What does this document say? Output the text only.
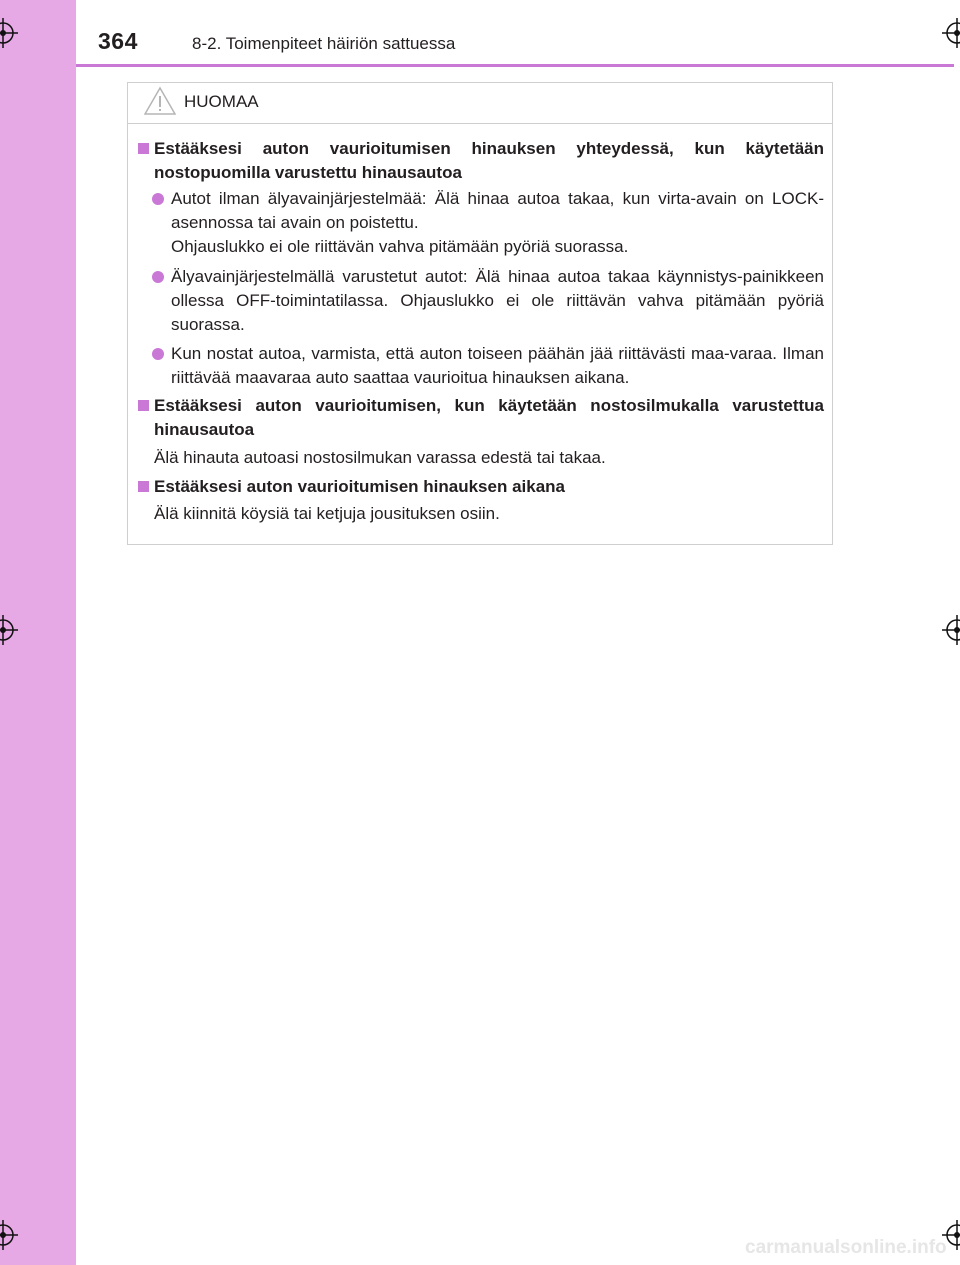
364	8-2. Toimenpiteet häiriön sattuessa
HUOMAA
Estääksesi auton vaurioitumisen hinauksen yhteydessä, kun käytetään nostopuomilla varustettu hinausautoa
Autot ilman älyavainjärjestelmää: Älä hinaa autoa takaa, kun virta-avain on LOCK-asennossa tai avain on poistettu.
Ohjauslukko ei ole riittävän vahva pitämään pyöriä suorassa.
Älyavainjärjestelmällä varustetut autot: Älä hinaa autoa takaa käynnistys-painikkeen ollessa OFF-toimintatilassa. Ohjauslukko ei ole riittävän vahva pitämään pyöriä suorassa.
Kun nostat autoa, varmista, että auton toiseen päähän jää riittävästi maa-varaa. Ilman riittävää maavaraa auto saattaa vaurioitua hinauksen aikana.
Estääksesi auton vaurioitumisen, kun käytetään nostosilmukalla varustettua hinausautoa
Älä hinauta autoasi nostosilmukan varassa edestä tai takaa.
Estääksesi auton vaurioitumisen hinauksen aikana
Älä kiinnitä köysiä tai ketjuja jousituksen osiin.
carmanualsonline.info
